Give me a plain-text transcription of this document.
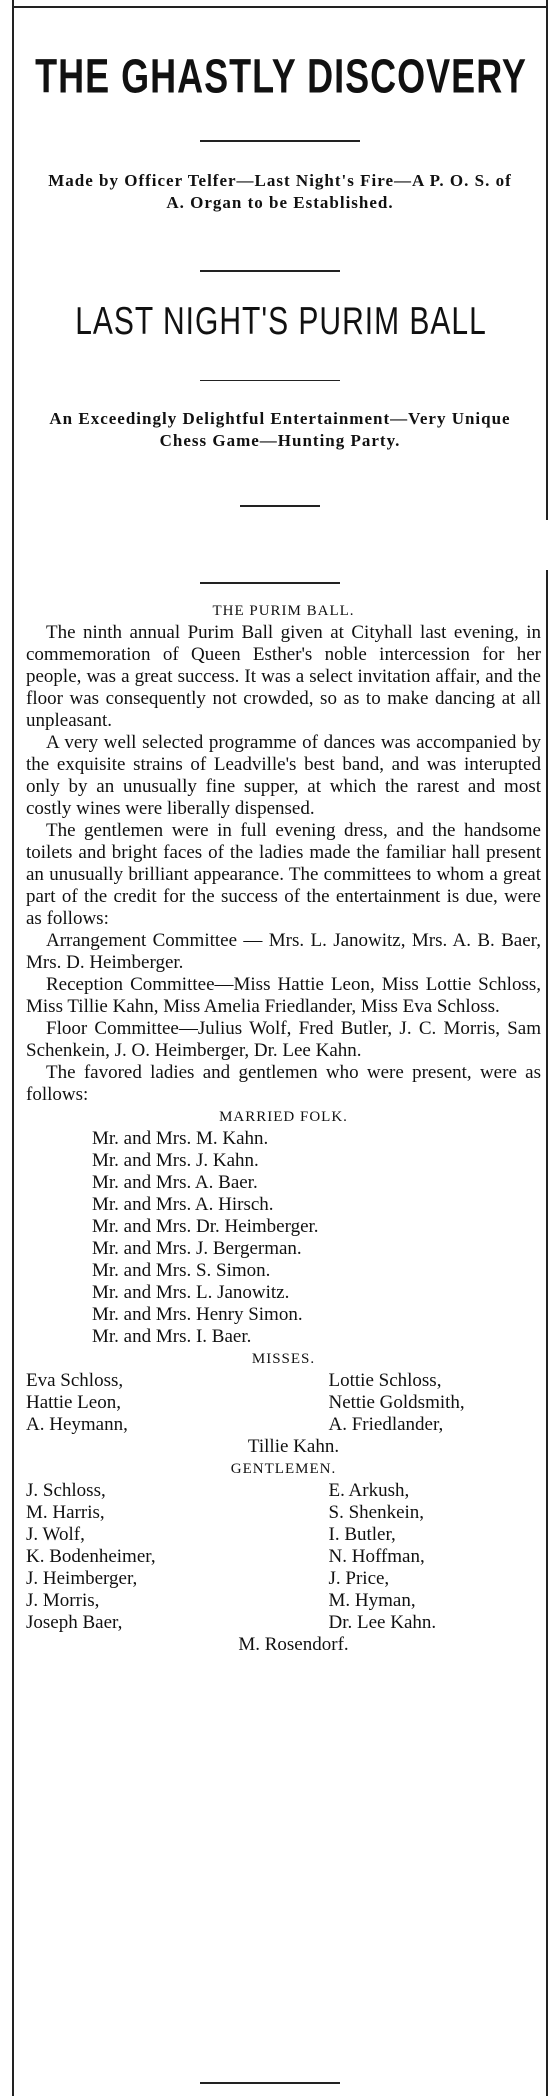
THE GHASTLY DISCOVERY
Made by Officer Telfer—Last Night's Fire—A P. O. S. of A. Organ to be Established.
LAST NIGHT'S PURIM BALL
An Exceedingly Delightful Entertainment—Very Unique Chess Game—Hunting Party.

THE PURIM BALL.

The ninth annual Purim Ball given at Cityhall last evening, in commemoration of Queen Esther's noble intercession for her people, was a great success. It was a select invitation affair, and the floor was consequently not crowded, so as to make dancing at all unpleasant.

A very well selected programme of dances was accompanied by the exquisite strains of Leadville's best band, and was interupted only by an unusually fine supper, at which the rarest and most costly wines were liberally dispensed.

The gentlemen were in full evening dress, and the handsome toilets and bright faces of the ladies made the familiar hall present an unusually brilliant appearance. The committees to whom a great part of the credit for the success of the entertainment is due, were as follows:

Arrangement Committee — Mrs. L. Janowitz, Mrs. A. B. Baer, Mrs. D. Heimberger.

Reception Committee—Miss Hattie Leon, Miss Lottie Schloss, Miss Tillie Kahn, Miss Amelia Friedlander, Miss Eva Schloss.

Floor Committee—Julius Wolf, Fred Butler, J. C. Morris, Sam Schenkein, J. O. Heimberger, Dr. Lee Kahn.

The favored ladies and gentlemen who were present, were as follows:

MARRIED FOLK.

Mr. and Mrs. M. Kahn.

Mr. and Mrs. J. Kahn.

Mr. and Mrs. A. Baer.

Mr. and Mrs. A. Hirsch.

Mr. and Mrs. Dr. Heimberger.

Mr. and Mrs. J. Bergerman.

Mr. and Mrs. S. Simon.

Mr. and Mrs. L. Janowitz.

Mr. and Mrs. Henry Simon.

Mr. and Mrs. I. Baer.

MISSES.

Eva Schloss,	Lottie Schloss,
Hattie Leon,	Nettie Goldsmith,
A. Heymann,	A. Friedlander,

Tillie Kahn.

GENTLEMEN.

J. Schloss,	E. Arkush,
M. Harris,	S. Shenkein,
J. Wolf,	I. Butler,
K. Bodenheimer,	N. Hoffman,
J. Heimberger,	J. Price,
J. Morris,	M. Hyman,
Joseph Baer,	Dr. Lee Kahn.

M. Rosendorf.
